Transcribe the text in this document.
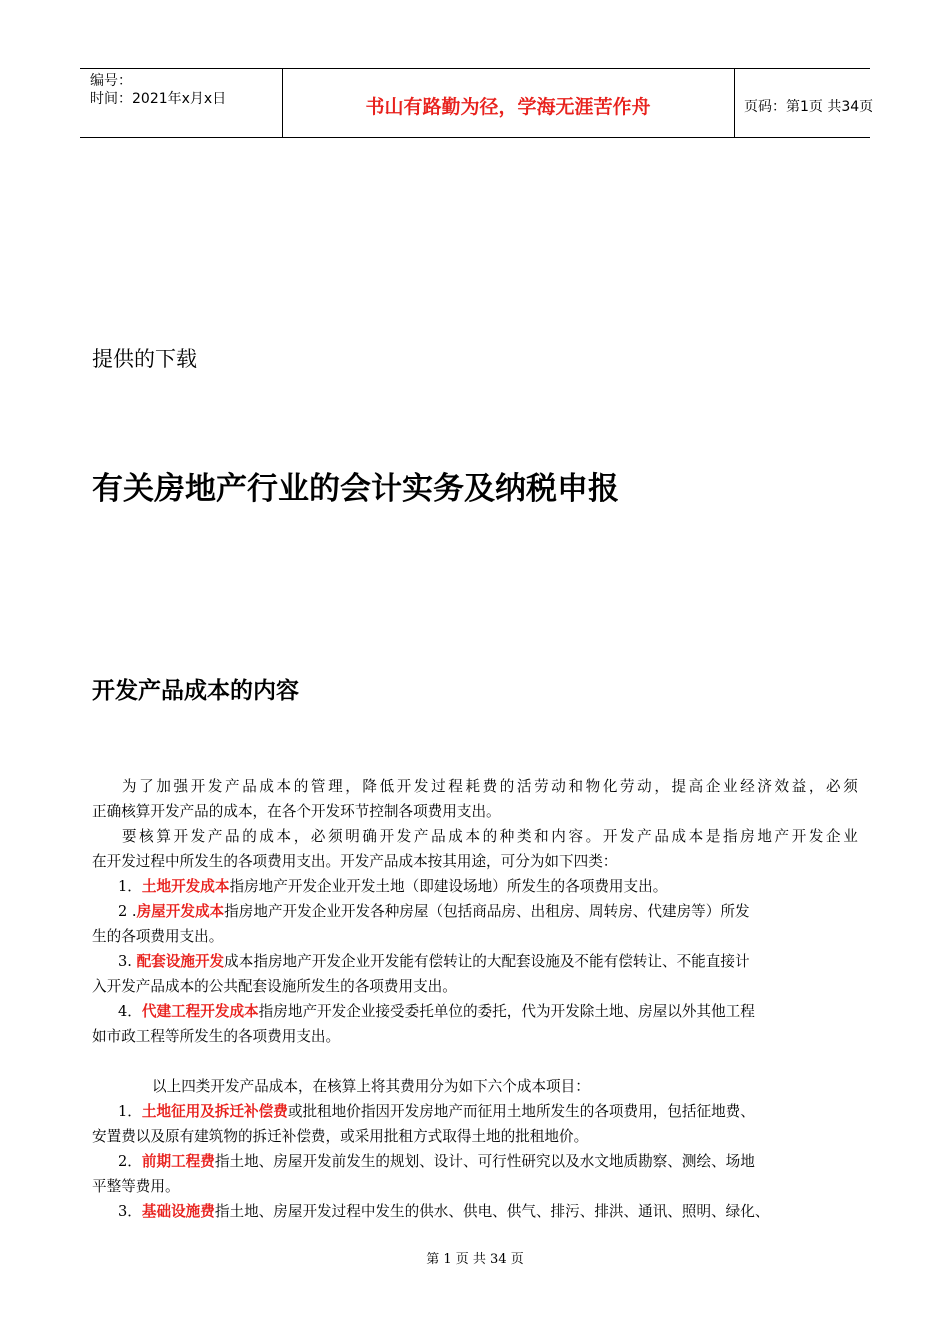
编号：
时间：2021年x月x日	书山有路勤为径，学海无涯苦作舟	页码：第1页 共34页
提供的下载
有关房地产行业的会计实务及纳税申报
开发产品成本的内容
为了加强开发产品成本的管理，降低开发过程耗费的活劳动和物化劳动，提高企业经济效益，必须
正确核算开发产品的成本，在各个开发环节控制各项费用支出。
要核算开发产品的成本，必须明确开发产品成本的种类和内容。开发产品成本是指房地产开发企业
在开发过程中所发生的各项费用支出。开发产品成本按其用途，可分为如下四类：
1．土地开发成本指房地产开发企业开发土地（即建设场地）所发生的各项费用支出。
2 .房屋开发成本指房地产开发企业开发各种房屋（包括商品房、出租房、周转房、代建房等）所发
生的各项费用支出。
3. 配套设施开发成本指房地产开发企业开发能有偿转让的大配套设施及不能有偿转让、不能直接计
入开发产品成本的公共配套设施所发生的各项费用支出。
4．代建工程开发成本指房地产开发企业接受委托单位的委托，代为开发除土地、房屋以外其他工程
如市政工程等所发生的各项费用支出。
以上四类开发产品成本，在核算上将其费用分为如下六个成本项目：
1．土地征用及拆迁补偿费或批租地价指因开发房地产而征用土地所发生的各项费用，包括征地费、
安置费以及原有建筑物的拆迁补偿费，或采用批租方式取得土地的批租地价。
2．前期工程费指土地、房屋开发前发生的规划、设计、可行性研究以及水文地质勘察、测绘、场地
平整等费用。
3．基础设施费指土地、房屋开发过程中发生的供水、供电、供气、排污、排洪、通讯、照明、绿化、
第 1 页 共 34 页
